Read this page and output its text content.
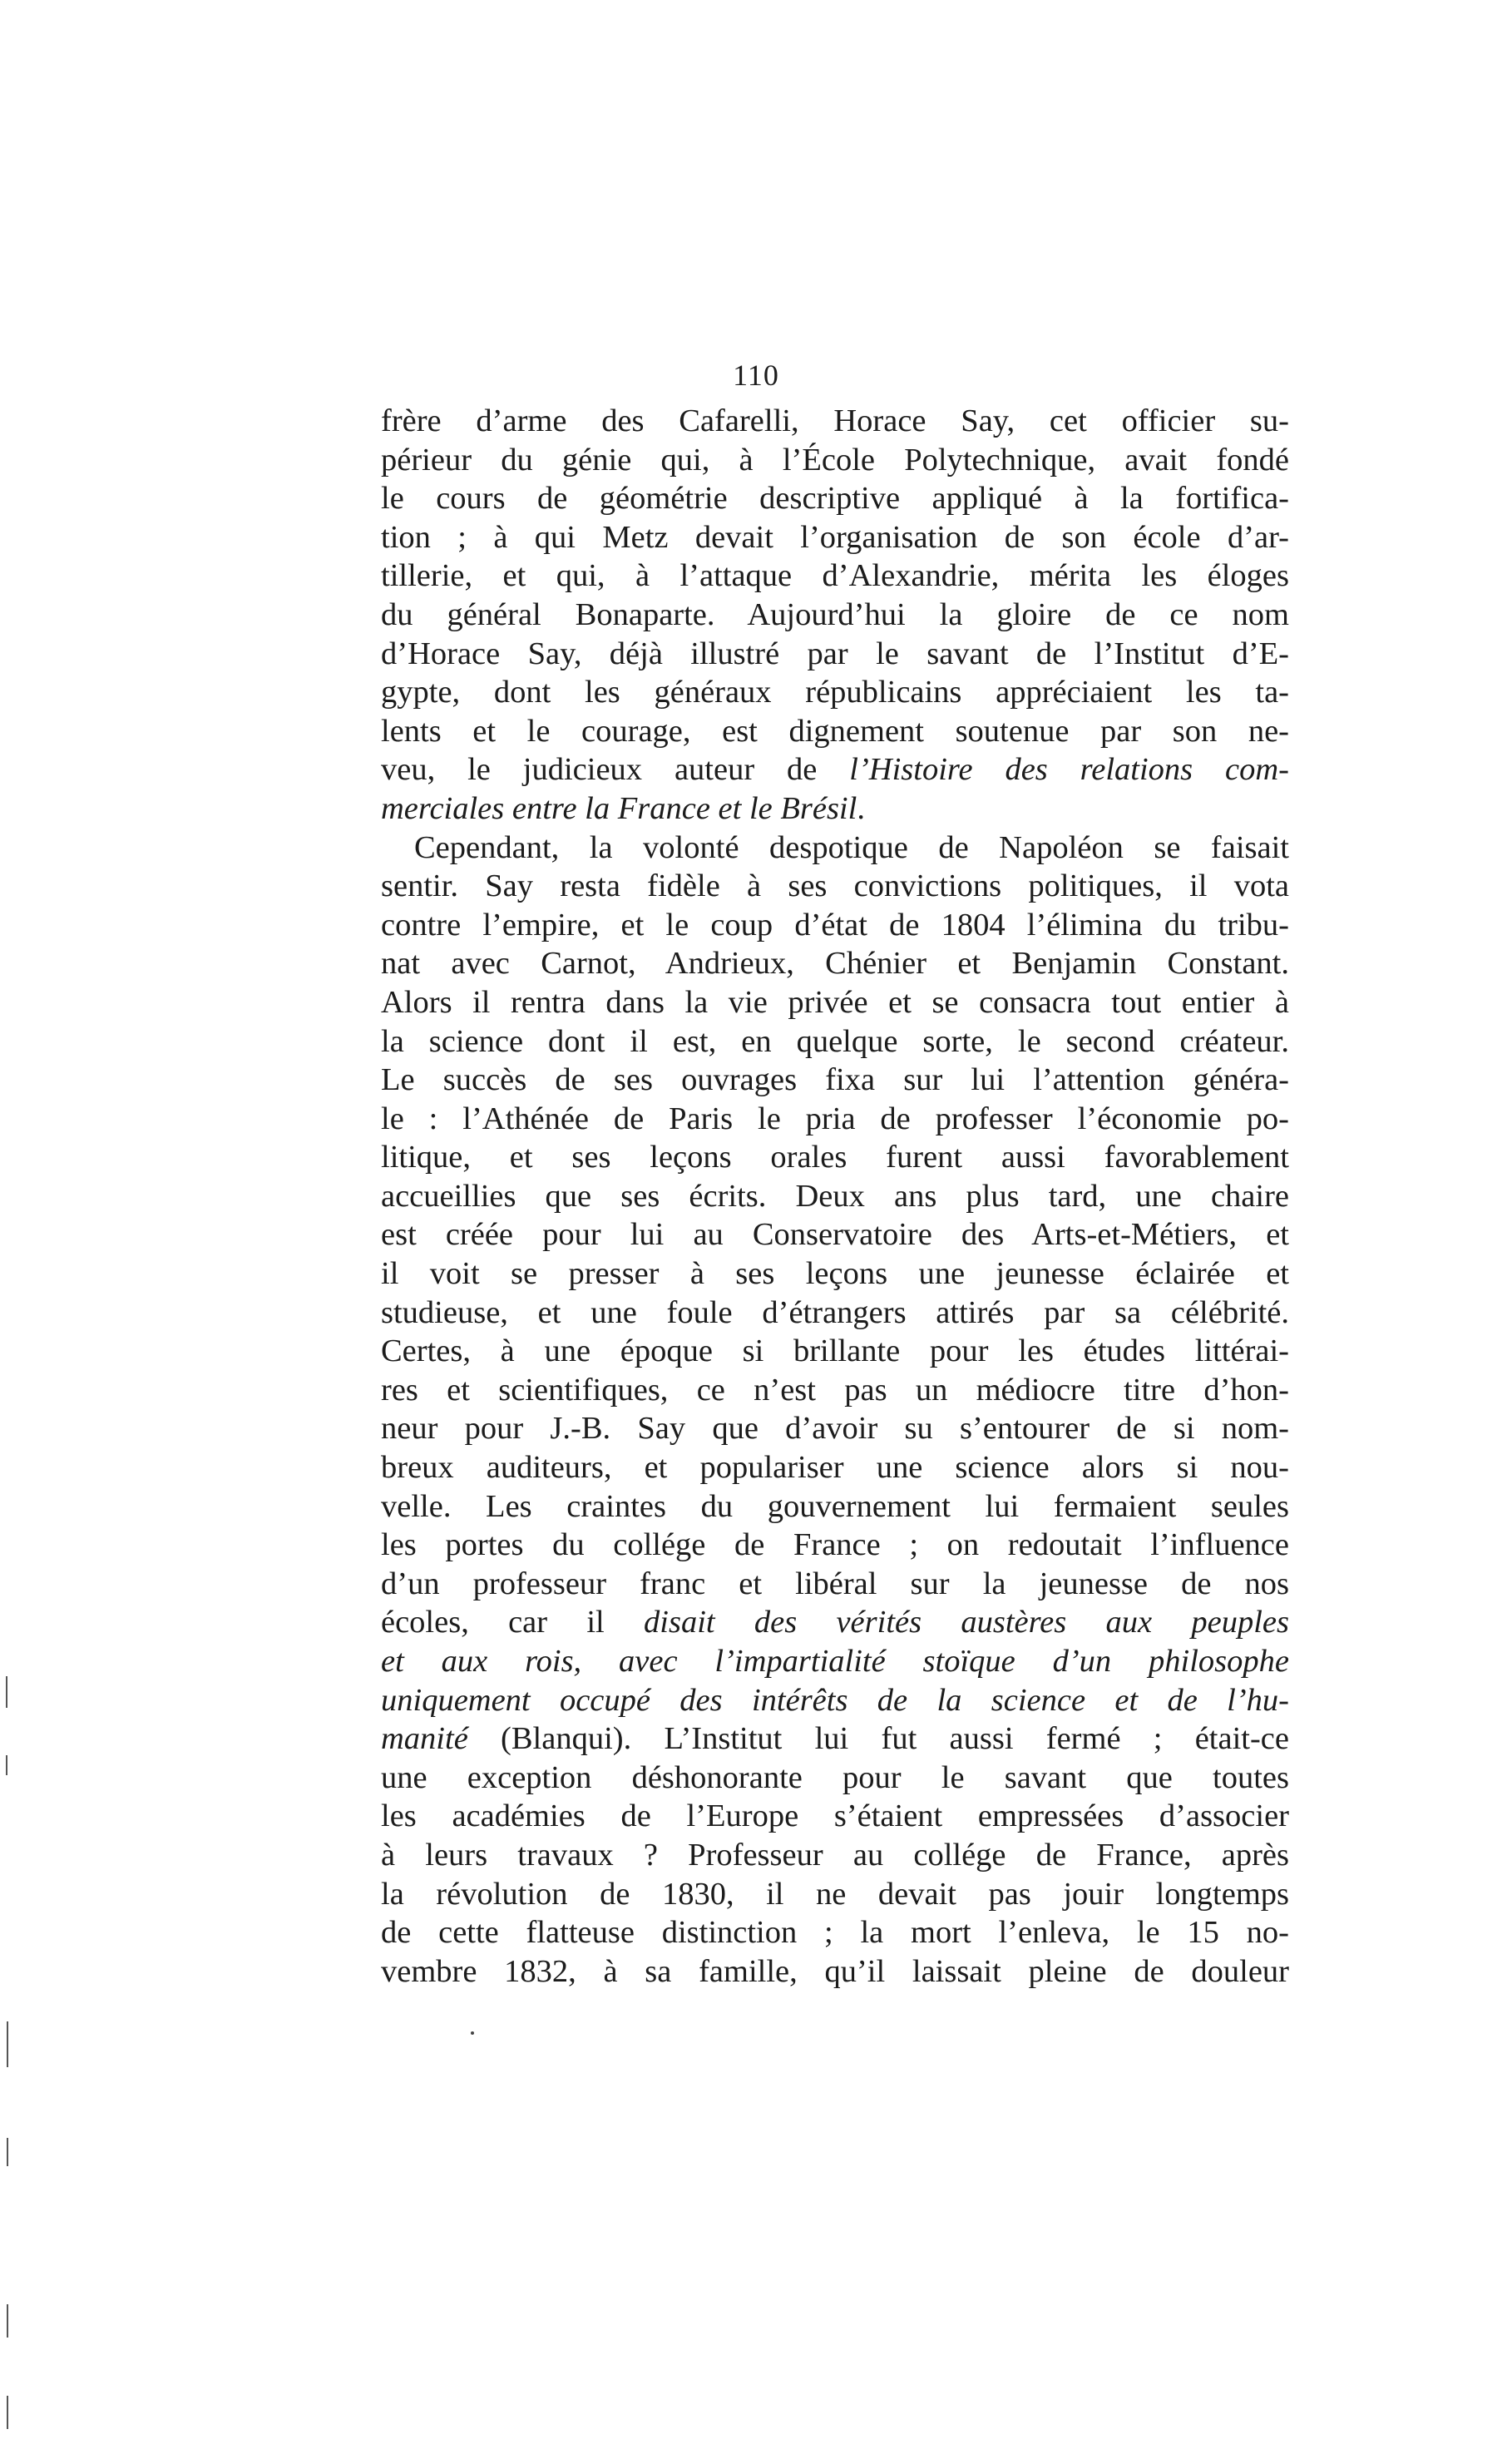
110
frère d’arme des Cafarelli, Horace Say, cet officier su-
périeur du génie qui, à l’École Polytechnique, avait fondé
le cours de géométrie descriptive appliqué à la fortifica-
tion ; à qui Metz devait l’organisation de son école d’ar-
tillerie, et qui, à l’attaque d’Alexandrie, mérita les éloges
du général Bonaparte. Aujourd’hui la gloire de ce nom
d’Horace Say, déjà illustré par le savant de l’Institut d’E-
gypte, dont les généraux républicains appréciaient les ta-
lents et le courage, est dignement soutenue par son ne-
veu, le judicieux auteur de l’Histoire des relations com-
merciales entre la France et le Brésil.
Cependant, la volonté despotique de Napoléon se faisait
sentir. Say resta fidèle à ses convictions politiques, il vota
contre l’empire, et le coup d’état de 1804 l’élimina du tribu-
nat avec Carnot, Andrieux, Chénier et Benjamin Constant.
Alors il rentra dans la vie privée et se consacra tout entier à
la science dont il est, en quelque sorte, le second créateur.
Le succès de ses ouvrages fixa sur lui l’attention généra-
le : l’Athénée de Paris le pria de professer l’économie po-
litique, et ses leçons orales furent aussi favorablement
accueillies que ses écrits. Deux ans plus tard, une chaire
est créée pour lui au Conservatoire des Arts-et-Métiers, et
il voit se presser à ses leçons une jeunesse éclairée et
studieuse, et une foule d’étrangers attirés par sa célébrité.
Certes, à une époque si brillante pour les études littérai-
res et scientifiques, ce n’est pas un médiocre titre d’hon-
neur pour J.-B. Say que d’avoir su s’entourer de si nom-
breux auditeurs, et populariser une science alors si nou-
velle. Les craintes du gouvernement lui fermaient seules
les portes du collége de France ; on redoutait l’influence
d’un professeur franc et libéral sur la jeunesse de nos
écoles, car il disait des vérités austères aux peuples
et aux rois, avec l’impartialité stoïque d’un philosophe
uniquement occupé des intérêts de la science et de l’hu-
manité (Blanqui). L’Institut lui fut aussi fermé ; était-ce
une exception déshonorante pour le savant que toutes
les académies de l’Europe s’étaient empressées d’associer
à leurs travaux ? Professeur au collége de France, après
la révolution de 1830, il ne devait pas jouir longtemps
de cette flatteuse distinction ; la mort l’enleva, le 15 no-
vembre 1832, à sa famille, qu’il laissait pleine de douleur
